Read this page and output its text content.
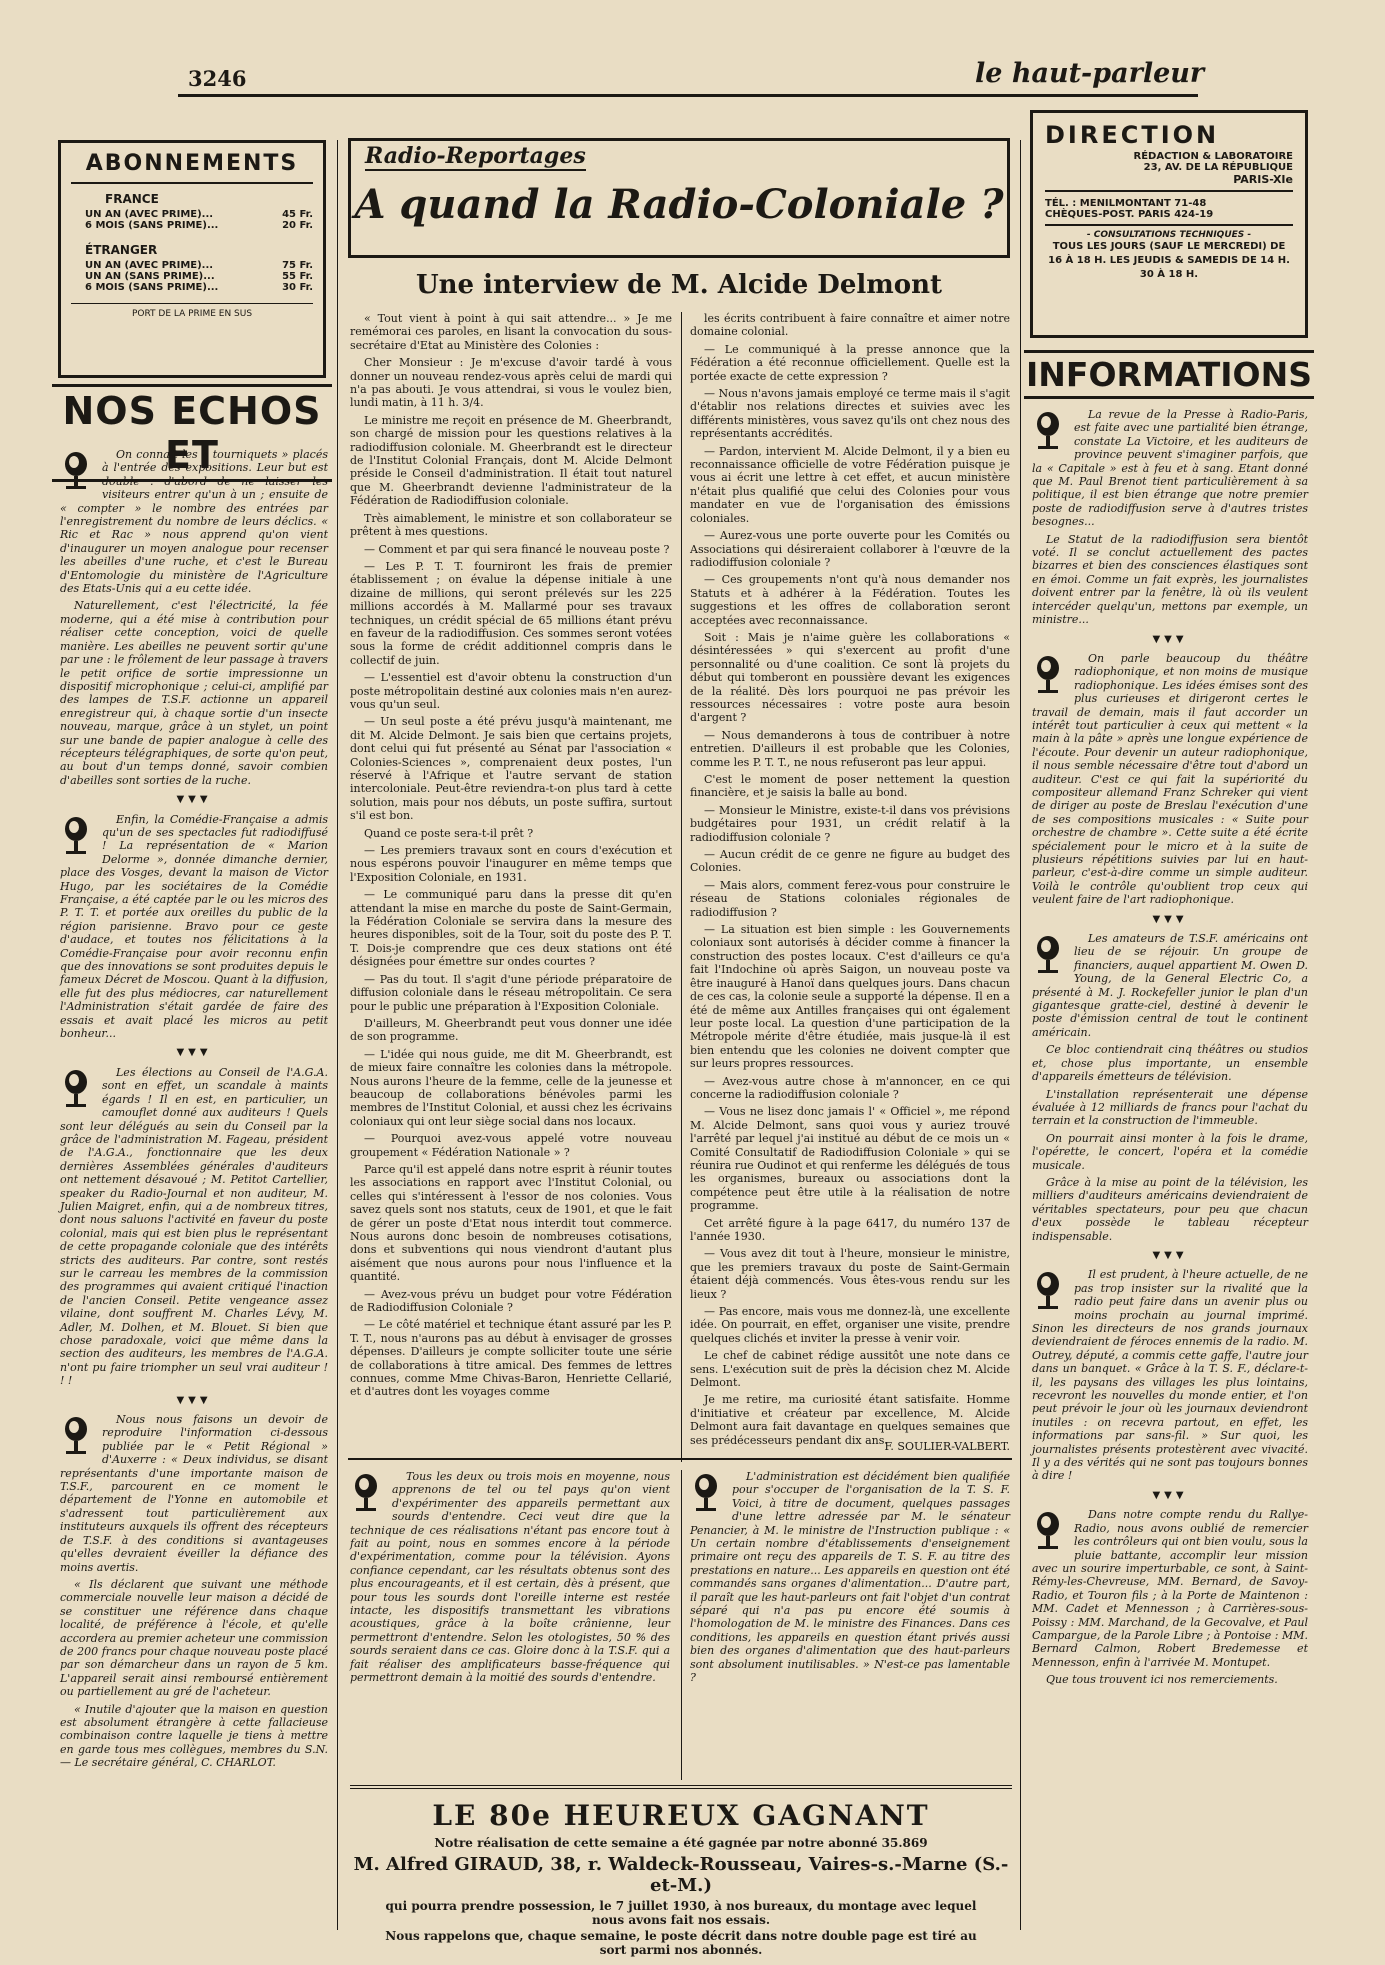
3246	le haut-parleur
ABONNEMENTS
FRANCE
UN AN (AVEC PRIME)...	45 Fr.
6 MOIS (SANS PRIME)...	20 Fr.
ÉTRANGER
UN AN (AVEC PRIME)...	75 Fr.
UN AN (SANS PRIME)...	55 Fr.
6 MOIS (SANS PRIME)...	30 Fr.
PORT DE LA PRIME EN SUS
NOS ECHOS ET

On connaît les « tourniquets » placés à l'entrée des expositions. Leur but est double : d'abord de ne laisser les visiteurs entrer qu'un à un ; ensuite de « compter » le nombre des entrées par l'enregistrement du nombre de leurs déclics. « Ric et Rac » nous apprend qu'on vient d'inaugurer un moyen analogue pour recenser les abeilles d'une ruche, et c'est le Bureau d'Entomologie du ministère de l'Agriculture des Etats-Unis qui a eu cette idée.

Naturellement, c'est l'électricité, la fée moderne, qui a été mise à contribution pour réaliser cette conception, voici de quelle manière. Les abeilles ne peuvent sortir qu'une par une : le frôlement de leur passage à travers le petit orifice de sortie impressionne un dispositif microphonique ; celui-ci, amplifié par des lampes de T.S.F. actionne un appareil enregistreur qui, à chaque sortie d'un insecte nouveau, marque, grâce à un stylet, un point sur une bande de papier analogue à celle des récepteurs télégraphiques, de sorte qu'on peut, au bout d'un temps donné, savoir combien d'abeilles sont sorties de la ruche.

▼▼▼

Enfin, la Comédie-Française a admis qu'un de ses spectacles fut radiodiffusé ! La représentation de « Marion Delorme », donnée dimanche dernier, place des Vosges, devant la maison de Victor Hugo, par les sociétaires de la Comédie Française, a été captée par le ou les micros des P. T. T. et portée aux oreilles du public de la région parisienne. Bravo pour ce geste d'audace, et toutes nos félicitations à la Comédie-Française pour avoir reconnu enfin que des innovations se sont produites depuis le fameux Décret de Moscou. Quant à la diffusion, elle fut des plus médiocres, car naturellement l'Administration s'était gardée de faire des essais et avait placé les micros au petit bonheur...

▼▼▼

Les élections au Conseil de l'A.G.A. sont en effet, un scandale à maints égards ! Il en est, en particulier, un camouflet donné aux auditeurs ! Quels sont leur délégués au sein du Conseil par la grâce de l'administration M. Fageau, président de l'A.G.A., fonctionnaire que les deux dernières Assemblées générales d'auditeurs ont nettement désavoué ; M. Petitot Cartellier, speaker du Radio-Journal et non auditeur, M. Julien Maigret, enfin, qui a de nombreux titres, dont nous saluons l'activité en faveur du poste colonial, mais qui est bien plus le représentant de cette propagande coloniale que des intérêts stricts des auditeurs. Par contre, sont restés sur le carreau les membres de la commission des programmes qui avaient critiqué l'inaction de l'ancien Conseil. Petite vengeance assez vilaine, dont souffrent M. Charles Lévy, M. Adler, M. Dolhen, et M. Blouet. Si bien que chose paradoxale, voici que même dans la section des auditeurs, les membres de l'A.G.A. n'ont pu faire triompher un seul vrai auditeur ! ! !

▼▼▼

Nous nous faisons un devoir de reproduire l'information ci-dessous publiée par le « Petit Régional » d'Auxerre : « Deux individus, se disant représentants d'une importante maison de T.S.F., parcourent en ce moment le département de l'Yonne en automobile et s'adressent tout particulièrement aux instituteurs auxquels ils offrent des récepteurs de T.S.F. à des conditions si avantageuses qu'elles devraient éveiller la défiance des moins avertis.

« Ils déclarent que suivant une méthode commerciale nouvelle leur maison a décidé de se constituer une référence dans chaque localité, de préférence à l'école, et qu'elle accordera au premier acheteur une commission de 200 francs pour chaque nouveau poste placé par son démarcheur dans un rayon de 5 km. L'appareil serait ainsi remboursé entièrement ou partiellement au gré de l'acheteur.

« Inutile d'ajouter que la maison en question est absolument étrangère à cette fallacieuse combinaison contre laquelle je tiens à mettre en garde tous mes collègues, membres du S.N. — Le secrétaire général, C. CHARLOT.

Radio-Reportages
A quand la Radio-Coloniale ?
Une interview de M. Alcide Delmont

« Tout vient à point à qui sait attendre... » Je me remémorai ces paroles, en lisant la convocation du sous-secrétaire d'Etat au Ministère des Colonies :

Cher Monsieur : Je m'excuse d'avoir tardé à vous donner un nouveau rendez-vous après celui de mardi qui n'a pas abouti. Je vous attendrai, si vous le voulez bien, lundi matin, à 11 h. 3/4.

Le ministre me reçoit en présence de M. Gheerbrandt, son chargé de mission pour les questions relatives à la radiodiffusion coloniale. M. Gheerbrandt est le directeur de l'Institut Colonial Français, dont M. Alcide Delmont préside le Conseil d'administration. Il était tout naturel que M. Gheerbrandt devienne l'administrateur de la Fédération de Radiodiffusion coloniale.

Très aimablement, le ministre et son collaborateur se prêtent à mes questions.

— Comment et par qui sera financé le nouveau poste ?

— Les P. T. T. fourniront les frais de premier établissement ; on évalue la dépense initiale à une dizaine de millions, qui seront prélevés sur les 225 millions accordés à M. Mallarmé pour ses travaux techniques, un crédit spécial de 65 millions étant prévu en faveur de la radiodiffusion. Ces sommes seront votées sous la forme de crédit additionnel compris dans le collectif de juin.

— L'essentiel est d'avoir obtenu la construction d'un poste métropolitain destiné aux colonies mais n'en aurez-vous qu'un seul.

— Un seul poste a été prévu jusqu'à maintenant, me dit M. Alcide Delmont. Je sais bien que certains projets, dont celui qui fut présenté au Sénat par l'association « Colonies-Sciences », comprenaient deux postes, l'un réservé à l'Afrique et l'autre servant de station intercoloniale. Peut-être reviendra-t-on plus tard à cette solution, mais pour nos débuts, un poste suffira, surtout s'il est bon.

Quand ce poste sera-t-il prêt ?

— Les premiers travaux sont en cours d'exécution et nous espérons pouvoir l'inaugurer en même temps que l'Exposition Coloniale, en 1931.

— Le communiqué paru dans la presse dit qu'en attendant la mise en marche du poste de Saint-Germain, la Fédération Coloniale se servira dans la mesure des heures disponibles, soit de la Tour, soit du poste des P. T. T. Dois-je comprendre que ces deux stations ont été désignées pour émettre sur ondes courtes ?

— Pas du tout. Il s'agit d'une période préparatoire de diffusion coloniale dans le réseau métropolitain. Ce sera pour le public une préparation à l'Exposition Coloniale.

D'ailleurs, M. Gheerbrandt peut vous donner une idée de son programme.

— L'idée qui nous guide, me dit M. Gheerbrandt, est de mieux faire connaître les colonies dans la métropole. Nous aurons l'heure de la femme, celle de la jeunesse et beaucoup de collaborations bénévoles parmi les membres de l'Institut Colonial, et aussi chez les écrivains coloniaux qui ont leur siège social dans nos locaux.

— Pourquoi avez-vous appelé votre nouveau groupement « Fédération Nationale » ?

Parce qu'il est appelé dans notre esprit à réunir toutes les associations en rapport avec l'Institut Colonial, ou celles qui s'intéressent à l'essor de nos colonies. Vous savez quels sont nos statuts, ceux de 1901, et que le fait de gérer un poste d'Etat nous interdit tout commerce. Nous aurons donc besoin de nombreuses cotisations, dons et subventions qui nous viendront d'autant plus aisément que nous aurons pour nous l'influence et la quantité.

— Avez-vous prévu un budget pour votre Fédération de Radiodiffusion Coloniale ?

— Le côté matériel et technique étant assuré par les P. T. T., nous n'aurons pas au début à envisager de grosses dépenses. D'ailleurs je compte solliciter toute une série de collaborations à titre amical. Des femmes de lettres connues, comme Mme Chivas-Baron, Henriette Cellarié, et d'autres dont les voyages comme

les écrits contribuent à faire connaître et aimer notre domaine colonial.

— Le communiqué à la presse annonce que la Fédération a été reconnue officiellement. Quelle est la portée exacte de cette expression ?

— Nous n'avons jamais employé ce terme mais il s'agit d'établir nos relations directes et suivies avec les différents ministères, vous savez qu'ils ont chez nous des représentants accrédités.

— Pardon, intervient M. Alcide Delmont, il y a bien eu reconnaissance officielle de votre Fédération puisque je vous ai écrit une lettre à cet effet, et aucun ministère n'était plus qualifié que celui des Colonies pour vous mandater en vue de l'organisation des émissions coloniales.

— Aurez-vous une porte ouverte pour les Comités ou Associations qui désireraient collaborer à l'œuvre de la radiodiffusion coloniale ?

— Ces groupements n'ont qu'à nous demander nos Statuts et à adhérer à la Fédération. Toutes les suggestions et les offres de collaboration seront acceptées avec reconnaissance.

Soit : Mais je n'aime guère les collaborations « désintéressées » qui s'exercent au profit d'une personnalité ou d'une coalition. Ce sont là projets du début qui tomberont en poussière devant les exigences de la réalité. Dès lors pourquoi ne pas prévoir les ressources nécessaires : votre poste aura besoin d'argent ?

— Nous demanderons à tous de contribuer à notre entretien. D'ailleurs il est probable que les Colonies, comme les P. T. T., ne nous refuseront pas leur appui.

C'est le moment de poser nettement la question financière, et je saisis la balle au bond.

— Monsieur le Ministre, existe-t-il dans vos prévisions budgétaires pour 1931, un crédit relatif à la radiodiffusion coloniale ?

— Aucun crédit de ce genre ne figure au budget des Colonies.

— Mais alors, comment ferez-vous pour construire le réseau de Stations coloniales régionales de radiodiffusion ?

— La situation est bien simple : les Gouvernements coloniaux sont autorisés à décider comme à financer la construction des postes locaux. C'est d'ailleurs ce qu'a fait l'Indochine où après Saigon, un nouveau poste va être inauguré à Hanoï dans quelques jours. Dans chacun de ces cas, la colonie seule a supporté la dépense. Il en a été de même aux Antilles françaises qui ont également leur poste local. La question d'une participation de la Métropole mérite d'être étudiée, mais jusque-là il est bien entendu que les colonies ne doivent compter que sur leurs propres ressources.

— Avez-vous autre chose à m'annoncer, en ce qui concerne la radiodiffusion coloniale ?

— Vous ne lisez donc jamais l' « Officiel », me répond M. Alcide Delmont, sans quoi vous y auriez trouvé l'arrêté par lequel j'ai institué au début de ce mois un « Comité Consultatif de Radiodiffusion Coloniale » qui se réunira rue Oudinot et qui renferme les délégués de tous les organismes, bureaux ou associations dont la compétence peut être utile à la réalisation de notre programme.

Cet arrêté figure à la page 6417, du numéro 137 de l'année 1930.

— Vous avez dit tout à l'heure, monsieur le ministre, que les premiers travaux du poste de Saint-Germain étaient déjà commencés. Vous êtes-vous rendu sur les lieux ?

— Pas encore, mais vous me donnez-là, une excellente idée. On pourrait, en effet, organiser une visite, prendre quelques clichés et inviter la presse à venir voir.

Le chef de cabinet rédige aussitôt une note dans ce sens. L'exécution suit de près la décision chez M. Alcide Delmont.

Je me retire, ma curiosité étant satisfaite. Homme d'initiative et créateur par excellence, M. Alcide Delmont aura fait davantage en quelques semaines que ses prédécesseurs pendant dix ans.

F. SOULIER-VALBERT.

Tous les deux ou trois mois en moyenne, nous apprenons de tel ou tel pays qu'on vient d'expérimenter des appareils permettant aux sourds d'entendre. Ceci veut dire que la technique de ces réalisations n'étant pas encore tout à fait au point, nous en sommes encore à la période d'expérimentation, comme pour la télévision. Ayons confiance cependant, car les résultats obtenus sont des plus encourageants, et il est certain, dès à présent, que pour tous les sourds dont l'oreille interne est restée intacte, les dispositifs transmettant les vibrations acoustiques, grâce à la boîte crânienne, leur permettront d'entendre. Selon les otologistes, 50 % des sourds seraient dans ce cas. Gloire donc à la T.S.F. qui a fait réaliser des amplificateurs basse-fréquence qui permettront demain à la moitié des sourds d'entendre.

L'administration est décidément bien qualifiée pour s'occuper de l'organisation de la T. S. F. Voici, à titre de document, quelques passages d'une lettre adressée par M. le sénateur Penancier, à M. le ministre de l'Instruction publique : « Un certain nombre d'établissements d'enseignement primaire ont reçu des appareils de T. S. F. au titre des prestations en nature... Les appareils en question ont été commandés sans organes d'alimentation... D'autre part, il paraît que les haut-parleurs ont fait l'objet d'un contrat séparé qui n'a pas pu encore été soumis à l'homologation de M. le ministre des Finances. Dans ces conditions, les appareils en question étant privés aussi bien des organes d'alimentation que des haut-parleurs sont absolument inutilisables. » N'est-ce pas lamentable ?

LE 80e HEUREUX GAGNANT
Notre réalisation de cette semaine a été gagnée par notre abonné 35.869
M. Alfred GIRAUD, 38, r. Waldeck-Rousseau, Vaires-s.-Marne (S.-et-M.)
qui pourra prendre possession, le 7 juillet 1930, à nos bureaux, du montage avec lequel nous avons fait nos essais.
Nous rappelons que, chaque semaine, le poste décrit dans notre double page est tiré au sort parmi nos abonnés.
DIRECTION
RÉDACTION & LABORATOIRE
23, AV. DE LA RÉPUBLIQUE
PARIS-XIe
TÉL. : MENILMONTANT 71-48
CHÈQUES-POST. PARIS 424-19
- CONSULTATIONS TECHNIQUES -
TOUS LES JOURS (SAUF LE MERCREDI) DE 16 À 18 H. LES JEUDIS & SAMEDIS DE 14 H. 30 À 18 H.
INFORMATIONS

La revue de la Presse à Radio-Paris, est faite avec une partialité bien étrange, constate La Victoire, et les auditeurs de province peuvent s'imaginer parfois, que la « Capitale » est à feu et à sang. Etant donné que M. Paul Brenot tient particulièrement à sa politique, il est bien étrange que notre premier poste de radiodiffusion serve à d'autres tristes besognes...

Le Statut de la radiodiffusion sera bientôt voté. Il se conclut actuellement des pactes bizarres et bien des consciences élastiques sont en émoi. Comme un fait exprès, les journalistes doivent entrer par la fenêtre, là où ils veulent intercéder quelqu'un, mettons par exemple, un ministre...

▼▼▼

On parle beaucoup du théâtre radiophonique, et non moins de musique radiophonique. Les idées émises sont des plus curieuses et dirigeront certes le travail de demain, mais il faut accorder un intérêt tout particulier à ceux qui mettent « la main à la pâte » après une longue expérience de l'écoute. Pour devenir un auteur radiophonique, il nous semble nécessaire d'être tout d'abord un auditeur. C'est ce qui fait la supériorité du compositeur allemand Franz Schreker qui vient de diriger au poste de Breslau l'exécution d'une de ses compositions musicales : « Suite pour orchestre de chambre ». Cette suite a été écrite spécialement pour le micro et à la suite de plusieurs répétitions suivies par lui en haut-parleur, c'est-à-dire comme un simple auditeur. Voilà le contrôle qu'oublient trop ceux qui veulent faire de l'art radiophonique.

▼▼▼

Les amateurs de T.S.F. américains ont lieu de se réjouir. Un groupe de financiers, auquel appartient M. Owen D. Young, de la General Electric Co, a présenté à M. J. Rockefeller junior le plan d'un gigantesque gratte-ciel, destiné à devenir le poste d'émission central de tout le continent américain.

Ce bloc contiendrait cinq théâtres ou studios et, chose plus importante, un ensemble d'appareils émetteurs de télévision.

L'installation représenterait une dépense évaluée à 12 milliards de francs pour l'achat du terrain et la construction de l'immeuble.

On pourrait ainsi monter à la fois le drame, l'opérette, le concert, l'opéra et la comédie musicale.

Grâce à la mise au point de la télévision, les milliers d'auditeurs américains deviendraient de véritables spectateurs, pour peu que chacun d'eux possède le tableau récepteur indispensable.

▼▼▼

Il est prudent, à l'heure actuelle, de ne pas trop insister sur la rivalité que la radio peut faire dans un avenir plus ou moins prochain au journal imprimé. Sinon les directeurs de nos grands journaux deviendraient de féroces ennemis de la radio. M. Outrey, député, a commis cette gaffe, l'autre jour dans un banquet. « Grâce à la T. S. F., déclare-t-il, les paysans des villages les plus lointains, recevront les nouvelles du monde entier, et l'on peut prévoir le jour où les journaux deviendront inutiles : on recevra partout, en effet, les informations par sans-fil. » Sur quoi, les journalistes présents protestèrent avec vivacité. Il y a des vérités qui ne sont pas toujours bonnes à dire !

▼▼▼

Dans notre compte rendu du Rallye-Radio, nous avons oublié de remercier les contrôleurs qui ont bien voulu, sous la pluie battante, accomplir leur mission avec un sourire imperturbable, ce sont, à Saint-Rémy-les-Chevreuse, MM. Bernard, de Savoy-Radio, et Touron fils ; à la Porte de Maintenon : MM. Cadet et Mennesson ; à Carrières-sous-Poissy : MM. Marchand, de la Gecovalve, et Paul Campargue, de la Parole Libre ; à Pontoise : MM. Bernard Calmon, Robert Bredemesse et Mennesson, enfin à l'arrivée M. Montupet.

Que tous trouvent ici nos remerciements.
